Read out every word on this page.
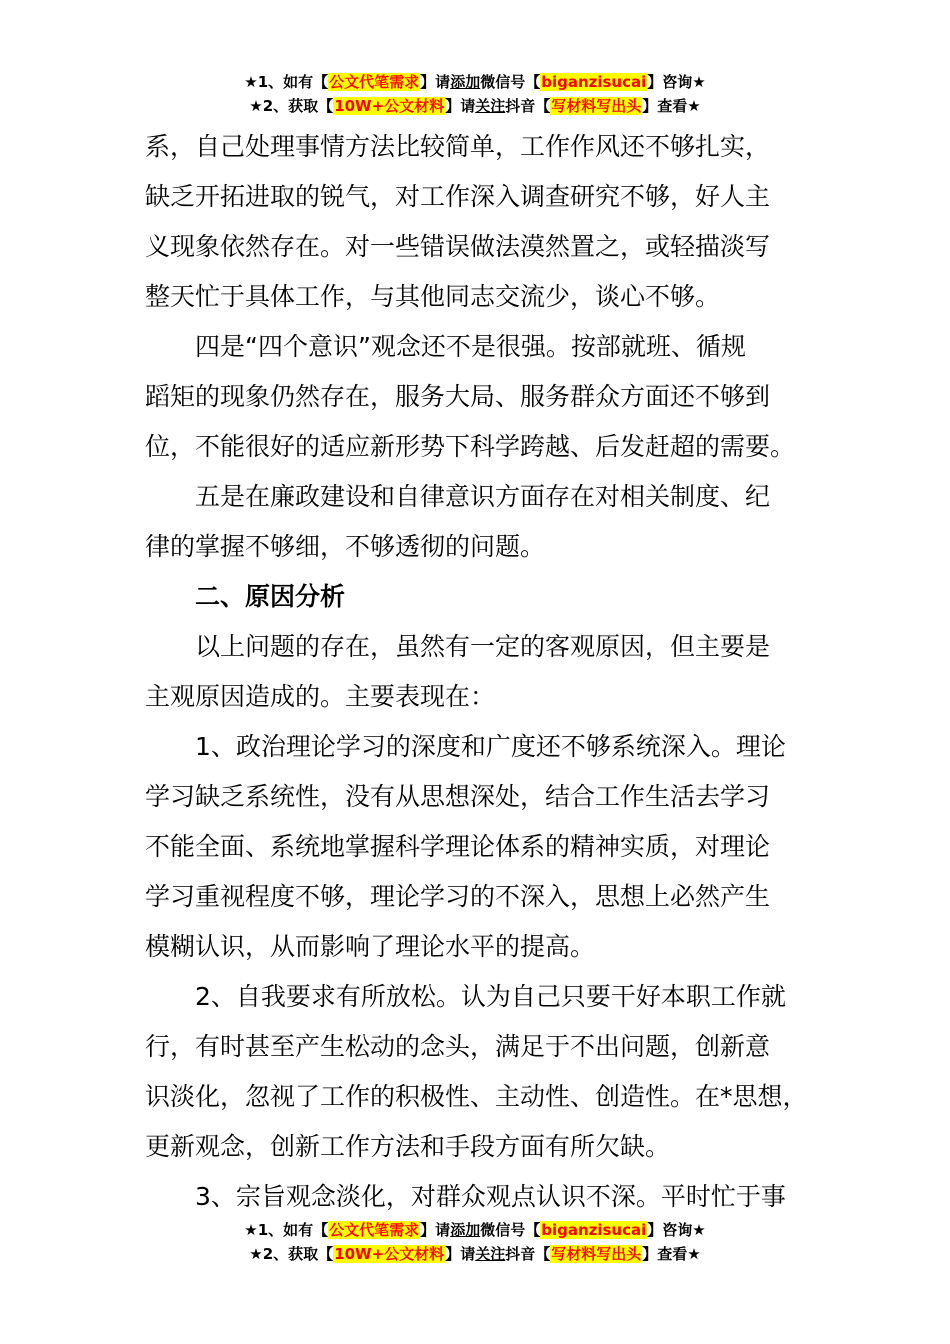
★1、如有【公文代笔需求】请添加微信号【biganzisucai】咨询★
★2、获取【10W+公文材料】请关注抖音【写材料写出头】查看★
系，自己处理事情方法比较简单，工作作风还不够扎实，
缺乏开拓进取的锐气，对工作深入调查研究不够，好人主
义现象依然存在。对一些错误做法漠然置之，或轻描淡写
整天忙于具体工作，与其他同志交流少，谈心不够。
　　四是“四个意识”观念还不是很强。按部就班、循规
蹈矩的现象仍然存在，服务大局、服务群众方面还不够到
位，不能很好的适应新形势下科学跨越、后发赶超的需要。
　　五是在廉政建设和自律意识方面存在对相关制度、纪
律的掌握不够细，不够透彻的问题。
　　二、原因分析
　　以上问题的存在，虽然有一定的客观原因，但主要是
主观原因造成的。主要表现在：
　　1、政治理论学习的深度和广度还不够系统深入。理论
学习缺乏系统性，没有从思想深处，结合工作生活去学习
不能全面、系统地掌握科学理论体系的精神实质，对理论
学习重视程度不够，理论学习的不深入，思想上必然产生
模糊认识，从而影响了理论水平的提高。
　　2、自我要求有所放松。认为自己只要干好本职工作就
行，有时甚至产生松动的念头，满足于不出问题，创新意
识淡化，忽视了工作的积极性、主动性、创造性。在*思想，
更新观念，创新工作方法和手段方面有所欠缺。
　　3、宗旨观念淡化，对群众观点认识不深。平时忙于事
★1、如有【公文代笔需求】请添加微信号【biganzisucai】咨询★
★2、获取【10W+公文材料】请关注抖音【写材料写出头】查看★
